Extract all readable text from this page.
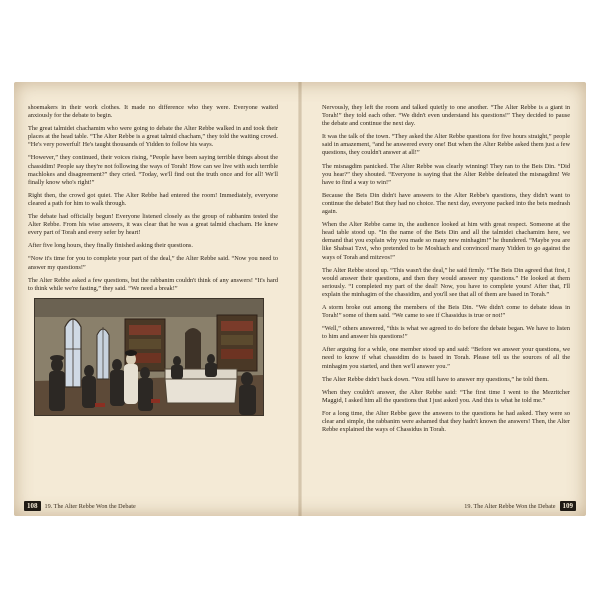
shoemakers in their work clothes. It made no difference who they were. Everyone waited anxiously for the debate to begin.

The great talmidei chachamim who were going to debate the Alter Rebbe walked in and took their places at the head table. “The Alter Rebbe is a great talmid chacham,” they told the waiting crowd. “He's very powerful! He's taught thousands of Yidden to follow his ways.

“However,” they continued, their voices rising, “People have been saying terrible things about the chassidim! People say they're not following the ways of Torah! How can we live with such terrible machlokes and disagreement?” they cried. “Today, we'll find out the truth once and for all! We'll finally know who's right!”

Right then, the crowd got quiet. The Alter Rebbe had entered the room! Immediately, everyone cleared a path for him to walk through.

The debate had officially begun! Everyone listened closely as the group of rabbanim tested the Alter Rebbe. From his wise answers, it was clear that he was a great talmid chacham. He knew every part of Torah and every sefer by heart!

After five long hours, they finally finished asking their questions.

“Now it's time for you to complete your part of the deal,” the Alter Rebbe said. “Now you need to answer my questions!”

The Alter Rebbe asked a few questions, but the rabbanim couldn't think of any answers! “It's hard to think while we're fasting,” they said. “We need a break!”

Nervously, they left the room and talked quietly to one another. “The Alter Rebbe is a giant in Torah!” they told each other. “We didn't even understand his questions!” They decided to pause the debate and continue the next day.

It was the talk of the town. “They asked the Alter Rebbe questions for five hours straight,” people said in amazement, “and he answered every one! But when the Alter Rebbe asked them just a few questions, they couldn't answer at all!”

The misnagdim panicked. The Alter Rebbe was clearly winning! They ran to the Beis Din. “Did you hear?” they shouted. “Everyone is saying that the Alter Rebbe defeated the misnagdim! We have to find a way to win!”

Because the Beis Din didn't have answers to the Alter Rebbe's questions, they didn't want to continue the debate! But they had no choice. The next day, everyone packed into the beis medrash again.

When the Alter Rebbe came in, the audience looked at him with great respect. Someone at the head table stood up. “In the name of the Beis Din and all the talmidei chachamim here, we demand that you explain why you made so many new minhagim!” he thundered. “Maybe you are like Shabsai Tzvi, who pretended to be Moshiach and convinced many Yidden to go against the ways of Torah and mitzvos!”

The Alter Rebbe stood up. “This wasn't the deal,” he said firmly. “The Beis Din agreed that first, I would answer their questions, and then they would answer my questions.” He looked at them seriously. “I completed my part of the deal! Now, you have to complete yours! After that, I'll explain the minhagim of the chassidim, and you'll see that all of them are based in Torah.”

A storm broke out among the members of the Beis Din. “We didn't come to debate ideas in Torah!” some of them said. “We came to see if Chassidus is true or not!”

“Well,” others answered, “this is what we agreed to do before the debate began. We have to listen to him and answer his questions!”

After arguing for a while, one member stood up and said: “Before we answer your questions, we need to know if what chassidim do is based in Torah. Please tell us the sources of all the minhagim you started, and then we'll answer you.”

The Alter Rebbe didn't back down. “You still have to answer my questions,” he told them.

When they couldn't answer, the Alter Rebbe said: “The first time I went to the Mezritcher Maggid, I asked him all the questions that I just asked you. And this is what he told me.”

For a long time, the Alter Rebbe gave the answers to the questions he had asked. They were so clear and simple, the rabbanim were ashamed that they hadn't known the answers! Then, the Alter Rebbe explained the ways of Chassidus in Torah.

108	19. The Alter Rebbe Won the Debate	19. The Alter Rebbe Won the Debate	109
